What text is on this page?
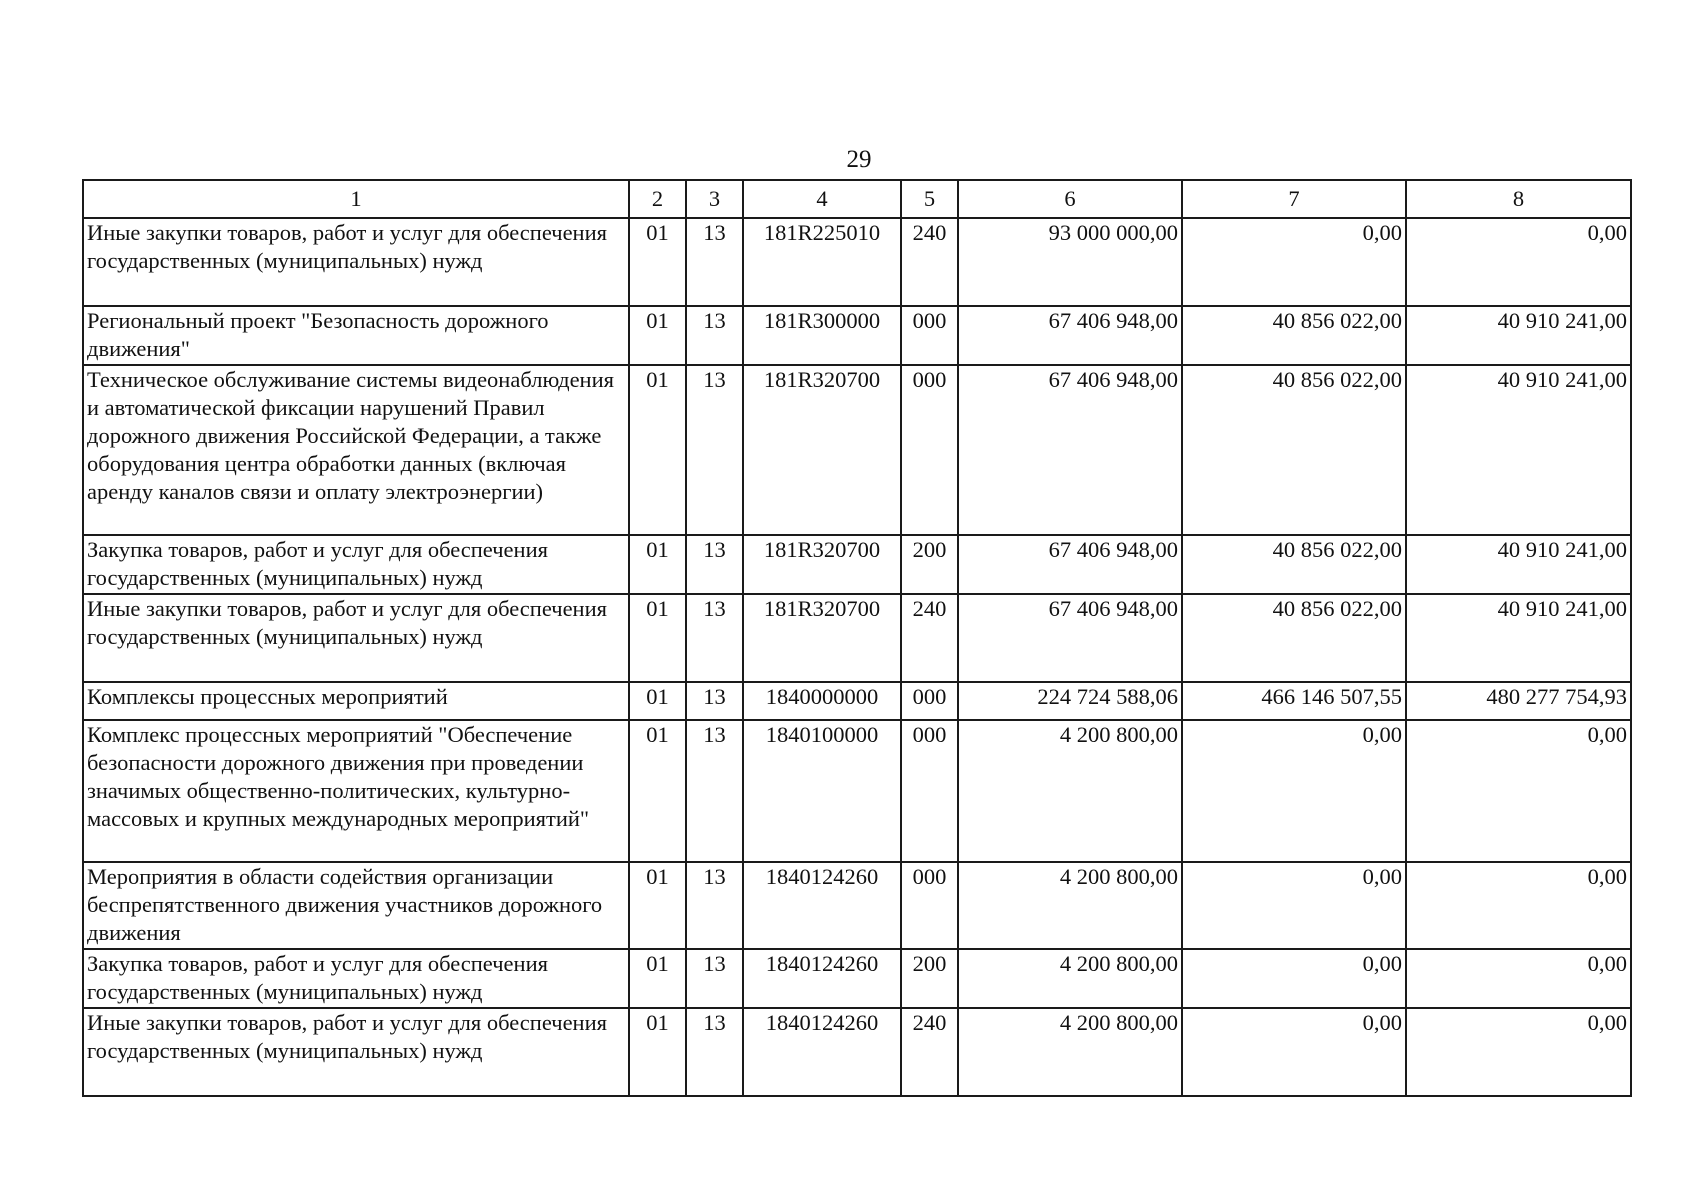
29
1	2	3	4	5	6	7	8
Иные закупки товаров, работ и услуг для обеспечения государственных (муниципальных) нужд	01	13	181R225010	240	93 000 000,00	0,00	0,00
Региональный проект "Безопасность дорожного движения"	01	13	181R300000	000	67 406 948,00	40 856 022,00	40 910 241,00
Техническое обслуживание системы видеонаблюдения и автоматической фиксации нарушений Правил дорожного движения Российской Федерации, а также оборудования центра обработки данных (включая аренду каналов связи и оплату электроэнергии)	01	13	181R320700	000	67 406 948,00	40 856 022,00	40 910 241,00
Закупка товаров, работ и услуг для обеспечения государственных (муниципальных) нужд	01	13	181R320700	200	67 406 948,00	40 856 022,00	40 910 241,00
Иные закупки товаров, работ и услуг для обеспечения государственных (муниципальных) нужд	01	13	181R320700	240	67 406 948,00	40 856 022,00	40 910 241,00
Комплексы процессных мероприятий	01	13	1840000000	000	224 724 588,06	466 146 507,55	480 277 754,93
Комплекс процессных мероприятий "Обеспечение безопасности дорожного движения при проведении значимых общественно-политических, культурно-массовых и крупных международных мероприятий"	01	13	1840100000	000	4 200 800,00	0,00	0,00
Мероприятия в области содействия организации беспрепятственного движения участников дорожного движения	01	13	1840124260	000	4 200 800,00	0,00	0,00
Закупка товаров, работ и услуг для обеспечения государственных (муниципальных) нужд	01	13	1840124260	200	4 200 800,00	0,00	0,00
Иные закупки товаров, работ и услуг для обеспечения государственных (муниципальных) нужд	01	13	1840124260	240	4 200 800,00	0,00	0,00
